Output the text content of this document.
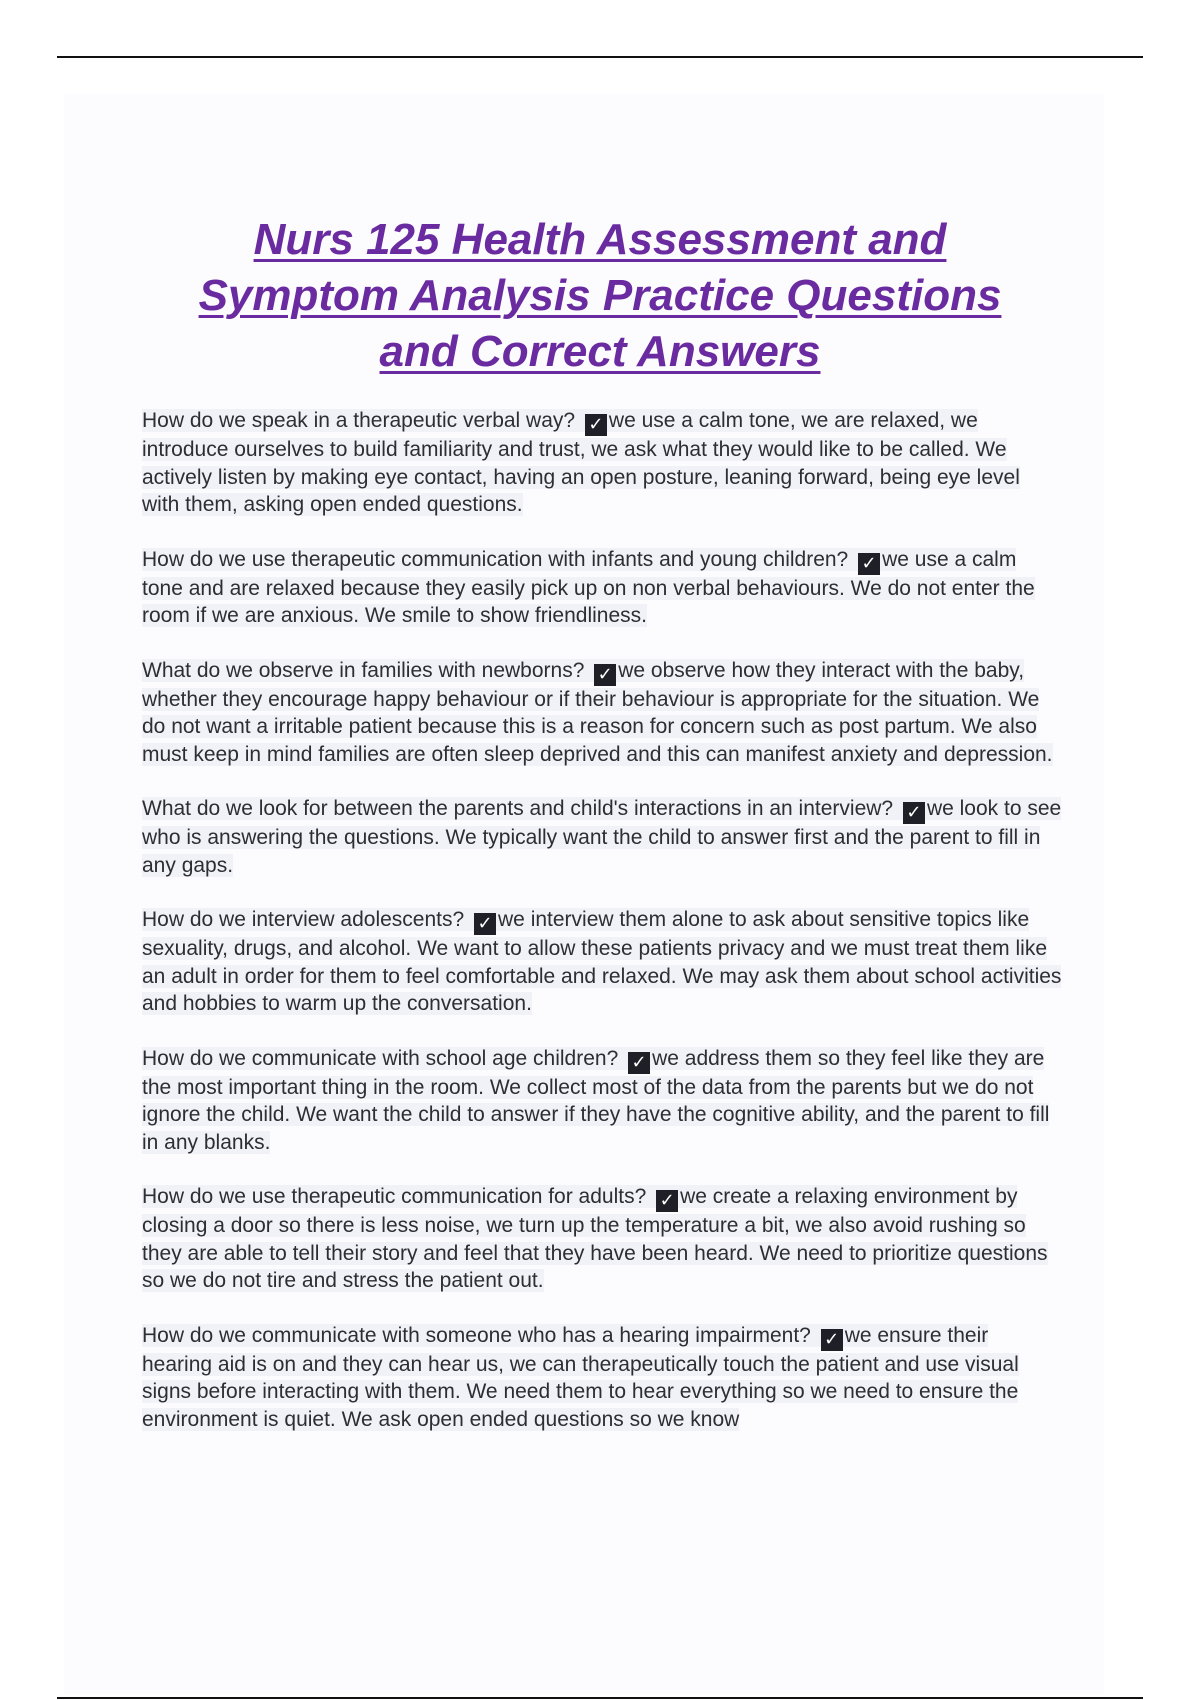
Nurs 125 Health Assessment and
Symptom Analysis Practice Questions
and Correct Answers

How do we speak in a therapeutic verbal way? ✓ we use a calm tone, we are relaxed, we introduce ourselves to build familiarity and trust, we ask what they would like to be called. We actively listen by making eye contact, having an open posture, leaning forward, being eye level with them, asking open ended questions.

How do we use therapeutic communication with infants and young children? ✓ we use a calm tone and are relaxed because they easily pick up on non verbal behaviours. We do not enter the room if we are anxious. We smile to show friendliness.

What do we observe in families with newborns? ✓ we observe how they interact with the baby, whether they encourage happy behaviour or if their behaviour is appropriate for the situation. We do not want a irritable patient because this is a reason for concern such as post partum. We also must keep in mind families are often sleep deprived and this can manifest anxiety and depression.

What do we look for between the parents and child's interactions in an interview? ✓ we look to see who is answering the questions. We typically want the child to answer first and the parent to fill in any gaps.

How do we interview adolescents? ✓ we interview them alone to ask about sensitive topics like sexuality, drugs, and alcohol. We want to allow these patients privacy and we must treat them like an adult in order for them to feel comfortable and relaxed. We may ask them about school activities and hobbies to warm up the conversation.

How do we communicate with school age children? ✓ we address them so they feel like they are the most important thing in the room. We collect most of the data from the parents but we do not ignore the child. We want the child to answer if they have the cognitive ability, and the parent to fill in any blanks.

How do we use therapeutic communication for adults? ✓ we create a relaxing environment by closing a door so there is less noise, we turn up the temperature a bit, we also avoid rushing so they are able to tell their story and feel that they have been heard. We need to prioritize questions so we do not tire and stress the patient out.

How do we communicate with someone who has a hearing impairment? ✓ we ensure their hearing aid is on and they can hear us, we can therapeutically touch the patient and use visual signs before interacting with them. We need them to hear everything so we need to ensure the environment is quiet. We ask open ended questions so we know
